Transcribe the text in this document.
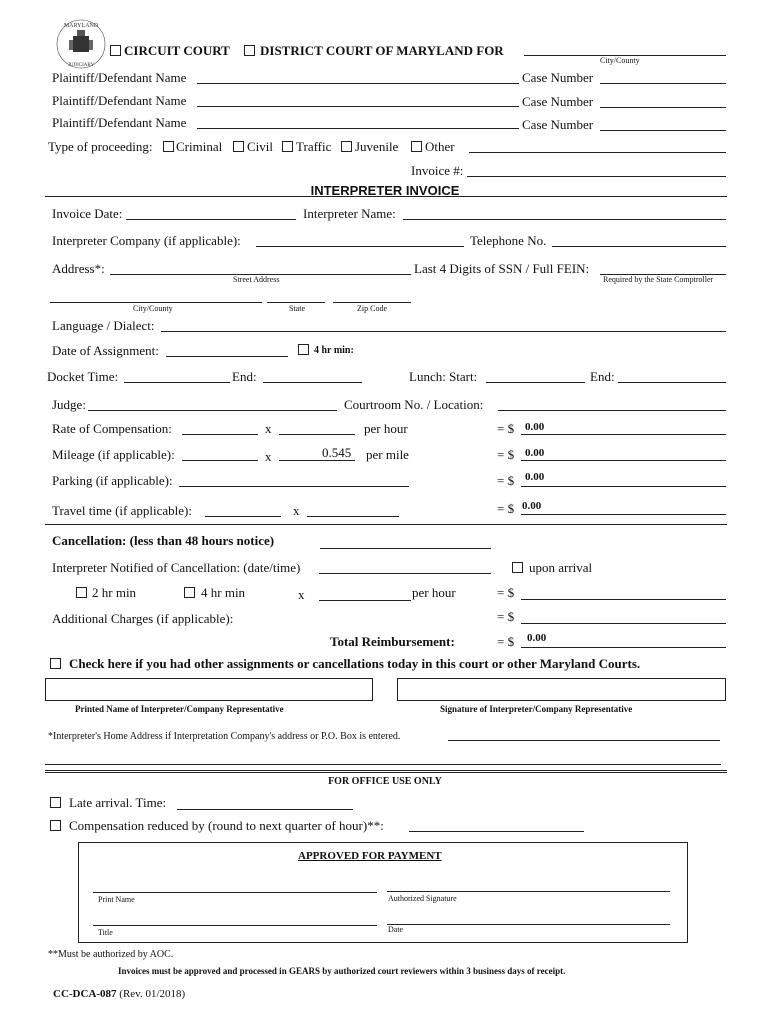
MARYLAND
JUDICIARY
CIRCUIT COURT DISTRICT COURT OF MARYLAND FOR
City/County
Plaintiff/Defendant Name	Case Number
Plaintiff/Defendant Name	Case Number
Plaintiff/Defendant Name	Case Number
Type of proceeding: Criminal Civil Traffic Juvenile Other
Invoice #:
INTERPRETER INVOICE
Invoice Date:	Interpreter Name:
Interpreter Company (if applicable):	Telephone No.
Address*:
Street Address
Last 4 Digits of SSN / Full FEIN:
Required by the State Comptroller
City/County	State	Zip Code
Language / Dialect:
Date of Assignment:	4 hr min:
Docket Time:	End:	Lunch: Start:	End:
Judge:	Courtroom No. / Location:
Rate of Compensation:	x	per hour	= $ 0.00
Mileage (if applicable):	x	0.545 per mile	= $ 0.00
Parking (if applicable):	= $ 0.00
Travel time (if applicable):	x	= $ 0.00
Cancellation: (less than 48 hours notice)
Interpreter Notified of Cancellation: (date/time)	upon arrival
2 hr min	4 hr min	x	per hour	= $
Additional Charges (if applicable):	= $
Total Reimbursement:	= $ 0.00
Check here if you had other assignments or cancellations today in this court or other Maryland Courts.
Printed Name of Interpreter/Company Representative	Signature of Interpreter/Company Representative
*Interpreter's Home Address if Interpretation Company's address or P.O. Box is entered.
FOR OFFICE USE ONLY
Late arrival. Time:
Compensation reduced by (round to next quarter of hour)**:
APPROVED FOR PAYMENT
Print Name	Authorized Signature
Title	Date
**Must be authorized by AOC.
Invoices must be approved and processed in GEARS by authorized court reviewers within 3 business days of receipt.
CC-DCA-087 (Rev. 01/2018)
